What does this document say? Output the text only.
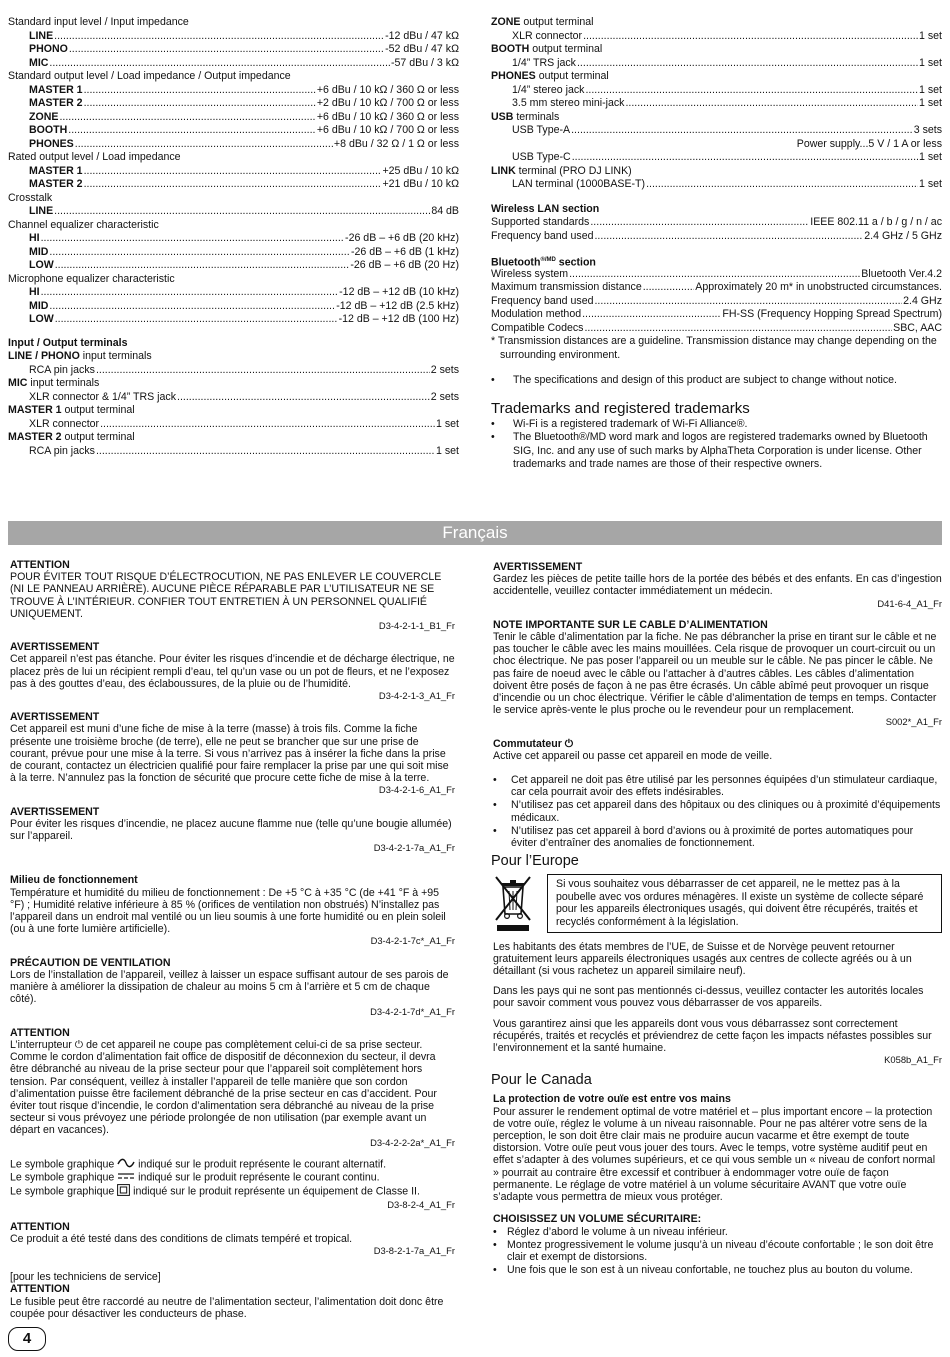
Standard input level / Input impedance
LINE .....	-12 dBu / 47 kΩ
PHONO .....	-52 dBu / 47 kΩ
MIC .....	-57 dBu / 3 kΩ
Standard output level / Load impedance / Output impedance
MASTER 1 .....	+6 dBu / 10 kΩ / 360 Ω or less
MASTER 2 .....	+2 dBu / 10 kΩ / 700 Ω or less
ZONE .....	+6 dBu / 10 kΩ / 360 Ω or less
BOOTH .....	+6 dBu / 10 kΩ / 700 Ω or less
PHONES .....	+8 dBu / 32 Ω / 1 Ω or less
Rated output level / Load impedance
MASTER 1 .....	+25 dBu / 10 kΩ
MASTER 2 .....	+21 dBu / 10 kΩ
Crosstalk
LINE .....	84 dB
Channel equalizer characteristic
HI .....	-26 dB – +6 dB (20 kHz)
MID .....	-26 dB – +6 dB (1 kHz)
LOW .....	-26 dB – +6 dB (20 Hz)
Microphone equalizer characteristic
HI .....	-12 dB – +12 dB (10 kHz)
MID .....	-12 dB – +12 dB (2.5 kHz)
LOW .....	-12 dB – +12 dB (100 Hz)
Input / Output terminals
LINE / PHONO input terminals
RCA pin jacks .....	2 sets
MIC input terminals
XLR connector & 1/4” TRS jack .....	2 sets
MASTER 1 output terminal
XLR connector .....	1 set
MASTER 2 output terminal
RCA pin jacks .....	1 set
ZONE output terminal
XLR connector .....	1 set
BOOTH output terminal
1/4” TRS jack .....	1 set
PHONES output terminal
1/4” stereo jack .....	1 set
3.5 mm stereo mini-jack .....	1 set
USB terminals
USB Type-A .....	3 sets
Power supply...5 V / 1 A or less
USB Type-C .....	1 set
LINK terminal (PRO DJ LINK)
LAN terminal (1000BASE-T) .....	1 set
Wireless LAN section
Supported standards .....	IEEE 802.11 a / b / g / n / ac
Frequency band used .....	2.4 GHz / 5 GHz
Bluetooth$^{®/MD}$ section
Wireless system .....	Bluetooth Ver.4.2
Maximum transmission distance .....	Approximately 20 m* in unobstructed circumstances.
Frequency band used .....	2.4 GHz
Modulation method .....	FH-SS (Frequency Hopping Spread Spectrum)
Compatible Codecs .....	SBC, AAC
* Transmission distances are a guideline. Transmission distance may change depending on the surrounding environment.
•	The specifications and design of this product are subject to change without notice.
Trademarks and registered trademarks
•	Wi-Fi is a registered trademark of Wi-Fi Alliance®.
•	The Bluetooth®/MD word mark and logos are registered trademarks owned by Bluetooth SIG, Inc. and any use of such marks by AlphaTheta Corporation is under license. Other trademarks and trade names are those of their respective owners.
Français

ATTENTION

POUR ÉVITER TOUT RISQUE D’ÉLECTROCUTION, NE PAS ENLEVER LE COUVERCLE (NI LE PANNEAU ARRIÈRE). AUCUNE PIÈCE RÉPARABLE PAR L’UTILISATEUR NE SE TROUVE À L’INTÉRIEUR. CONFIER TOUT ENTRETIEN À UN PERSONNEL QUALIFIÉ UNIQUEMENT.

D3-4-2-1-1_B1_Fr

AVERTISSEMENT

Cet appareil n’est pas étanche. Pour éviter les risques d’incendie et de décharge électrique, ne placez près de lui un récipient rempli d’eau, tel qu’un vase ou un pot de fleurs, et ne l’exposez pas à des gouttes d’eau, des éclaboussures, de la pluie ou de l’humidité.

D3-4-2-1-3_A1_Fr

AVERTISSEMENT

Cet appareil est muni d’une fiche de mise à la terre (masse) à trois fils. Comme la fiche présente une troisième broche (de terre), elle ne peut se brancher que sur une prise de courant, prévue pour une mise à la terre. Si vous n’arrivez pas à insérer la fiche dans la prise de courant, contactez un électricien qualifié pour faire remplacer la prise par une qui soit mise à la terre. N’annulez pas la fonction de sécurité que procure cette fiche de mise à la terre.

D3-4-2-1-6_A1_Fr

AVERTISSEMENT

Pour éviter les risques d’incendie, ne placez aucune flamme nue (telle qu’une bougie allumée) sur l’appareil.

D3-4-2-1-7a_A1_Fr

Milieu de fonctionnement

Température et humidité du milieu de fonctionnement : De +5 °C à +35 °C (de +41 °F à +95 °F) ; Humidité relative inférieure à 85 % (orifices de ventilation non obstrués) N’installez pas l’appareil dans un endroit mal ventilé ou un lieu soumis à une forte humidité ou en plein soleil (ou à une forte lumière artificielle).

D3-4-2-1-7c*_A1_Fr

PRÉCAUTION DE VENTILATION

Lors de l’installation de l’appareil, veillez à laisser un espace suffisant autour de ses parois de manière à améliorer la dissipation de chaleur au moins 5 cm à l’arrière et 5 cm de chaque côté).

D3-4-2-1-7d*_A1_Fr

ATTENTION

L’interrupteur ⏻ de cet appareil ne coupe pas complètement celui-ci de sa prise secteur. Comme le cordon d’alimentation fait office de dispositif de déconnexion du secteur, il devra être débranché au niveau de la prise secteur pour que l’appareil soit complètement hors tension. Par conséquent, veillez à installer l’appareil de telle manière que son cordon d’alimentation puisse être facilement débranché de la prise secteur en cas d’accident. Pour éviter tout risque d’incendie, le cordon d’alimentation sera débranché au niveau de la prise secteur si vous prévoyez une période prolongée de non utilisation (par exemple avant un départ en vacances).

D3-4-2-2-2a*_A1_Fr

Le symbole graphique  indiqué sur le produit représente le courant alternatif.

Le symbole graphique  indiqué sur le produit représente le courant continu.

Le symbole graphique  indiqué sur le produit représente un équipement de Classe II.

D3-8-2-4_A1_Fr

ATTENTION

Ce produit a été testé dans des conditions de climats tempéré et tropical.

D3-8-2-1-7a_A1_Fr

[pour les techniciens de service]

ATTENTION

Le fusible peut être raccordé au neutre de l’alimentation secteur, l’alimentation doit donc être coupée pour désactiver les conducteurs de phase.

AVERTISSEMENT

Gardez les pièces de petite taille hors de la portée des bébés et des enfants. En cas d’ingestion accidentelle, veuillez contacter immédiatement un médecin.

D41-6-4_A1_Fr

NOTE IMPORTANTE SUR LE CABLE D’ALIMENTATION

Tenir le câble d’alimentation par la fiche. Ne pas débrancher la prise en tirant sur le câble et ne pas toucher le câble avec les mains mouillées. Cela risque de provoquer un court-circuit ou un choc électrique. Ne pas poser l’appareil ou un meuble sur le câble. Ne pas pincer le câble. Ne pas faire de noeud avec le câble ou l’attacher à d’autres câbles. Les câbles d’alimentation doivent être posés de façon à ne pas être écrasés. Un câble abîmé peut provoquer un risque d’incendie ou un choc électrique. Vérifier le câble d’alimentation de temps en temps. Contacter le service après-vente le plus proche ou le revendeur pour un remplacement.

S002*_A1_Fr

Commutateur ⏻

Active cet appareil ou passe cet appareil en mode de veille.

•	Cet appareil ne doit pas être utilisé par les personnes équipées d’un stimulateur cardiaque, car cela pourrait avoir des effets indésirables.
•	N’utilisez pas cet appareil dans des hôpitaux ou des cliniques ou à proximité d’équipements médicaux.
•	N’utilisez pas cet appareil à bord d’avions ou à proximité de portes automatiques pour éviter d’entraîner des anomalies de fonctionnement.

Pour l’Europe

Si vous souhaitez vous débarrasser de cet appareil, ne le mettez pas à la poubelle avec vos ordures ménagères. Il existe un système de collecte séparé pour les appareils électroniques usagés, qui doivent être récupérés, traités et recyclés conformément à la législation.

Les habitants des états membres de l’UE, de Suisse et de Norvège peuvent retourner gratuitement leurs appareils électroniques usagés aux centres de collecte agréés ou à un détaillant (si vous rachetez un appareil similaire neuf).

Dans les pays qui ne sont pas mentionnés ci-dessus, veuillez contacter les autorités locales pour savoir comment vous pouvez vous débarrasser de vos appareils.

Vous garantirez ainsi que les appareils dont vous vous débarrassez sont correctement récupérés, traités et recyclés et préviendrez de cette façon les impacts néfastes possibles sur l’environnement et la santé humaine.

K058b_A1_Fr

Pour le Canada

La protection de votre ouïe est entre vos mains

Pour assurer le rendement optimal de votre matériel et – plus important encore – la protection de votre ouïe, réglez le volume à un niveau raisonnable. Pour ne pas altérer votre sens de la perception, le son doit être clair mais ne produire aucun vacarme et être exempt de toute distorsion. Votre ouïe peut vous jouer des tours. Avec le temps, votre système auditif peut en effet s’adapter à des volumes supérieurs, et ce qui vous semble un « niveau de confort normal » pourrait au contraire être excessif et contribuer à endommager votre ouïe de façon permanente. Le réglage de votre matériel à un volume sécuritaire AVANT que votre ouïe s’adapte vous permettra de mieux vous protéger.

CHOISISSEZ UN VOLUME SÉCURITAIRE:

• Réglez d’abord le volume à un niveau inférieur.
• Montez progressivement le volume jusqu’à un niveau d’écoute confortable ; le son doit être clair et exempt de distorsions.
• Une fois que le son est à un niveau confortable, ne touchez plus au bouton du volume.
4
